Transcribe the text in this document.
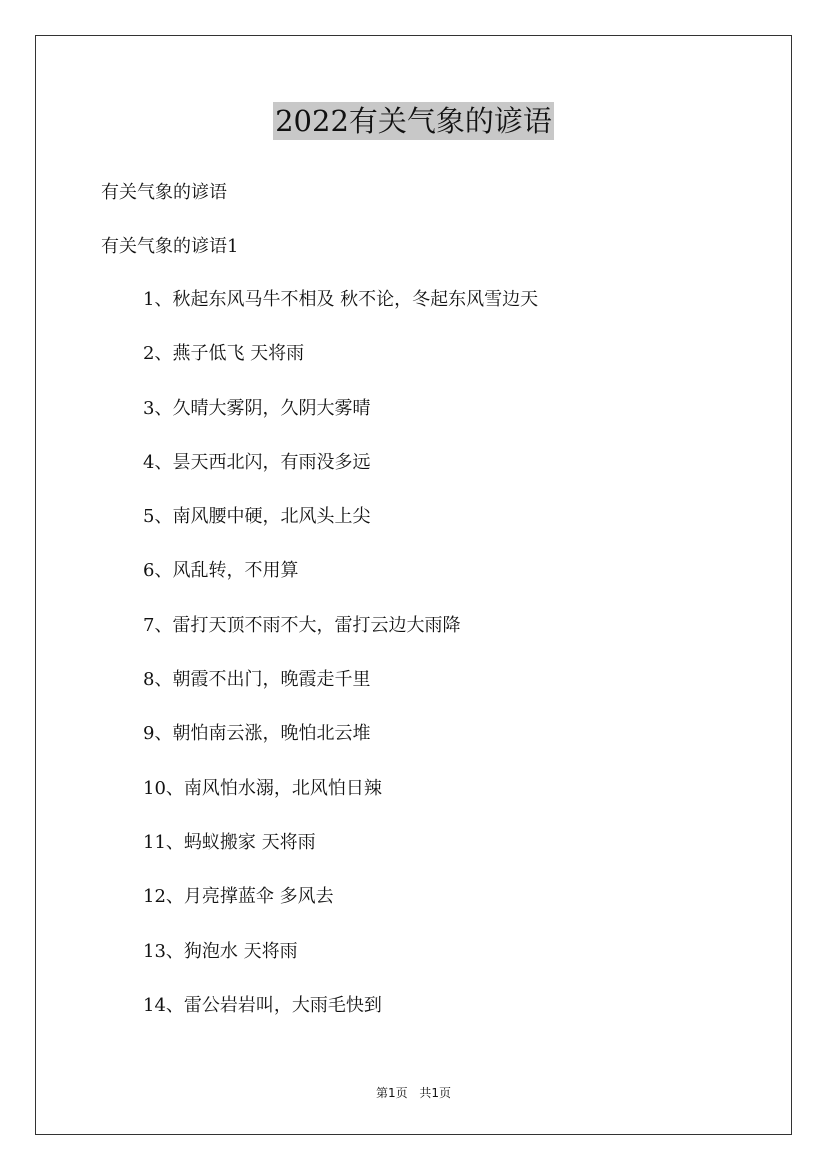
2022有关气象的谚语
有关气象的谚语
有关气象的谚语1
1、秋起东风马牛不相及 秋不论，冬起东风雪边天
2、燕子低飞 天将雨
3、久晴大雾阴，久阴大雾晴
4、昙天西北闪，有雨没多远
5、南风腰中硬，北风头上尖
6、风乱转，不用算
7、雷打天顶不雨不大，雷打云边大雨降
8、朝霞不出门，晚霞走千里
9、朝怕南云涨，晚怕北云堆
10、南风怕水溺，北风怕日辣
11、蚂蚁搬家 天将雨
12、月亮撑蓝伞 多风去
13、狗泡水 天将雨
14、雷公岩岩叫，大雨毛快到
第1页 共1页
